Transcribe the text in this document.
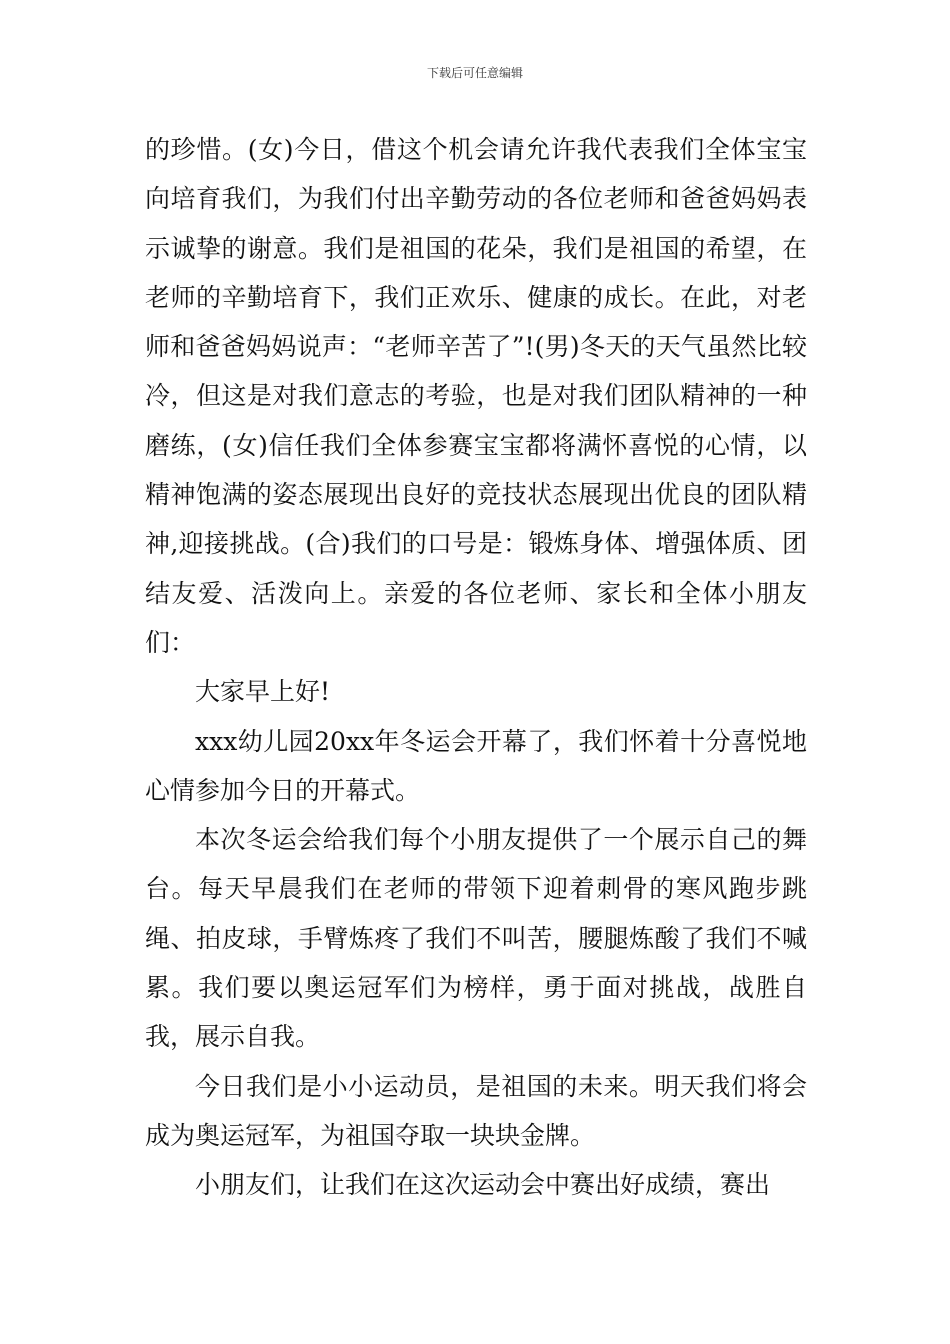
下载后可任意编辑

的珍惜。(女)今日，借这个机会请允许我代表我们全体宝宝向培育我们，为我们付出辛勤劳动的各位老师和爸爸妈妈表示诚挚的谢意。我们是祖国的花朵，我们是祖国的希望，在老师的辛勤培育下，我们正欢乐、健康的成长。在此，对老师和爸爸妈妈说声：“老师辛苦了”!(男)冬天的天气虽然比较冷，但这是对我们意志的考验，也是对我们团队精神的一种磨练，(女)信任我们全体参赛宝宝都将满怀喜悦的心情，以精神饱满的姿态展现出良好的竞技状态展现出优良的团队精神,迎接挑战。(合)我们的口号是：锻炼身体、增强体质、团结友爱、活泼向上。亲爱的各位老师、家长和全体小朋友们：

大家早上好!

xxx幼儿园20xx年冬运会开幕了，我们怀着十分喜悦地心情参加今日的开幕式。

本次冬运会给我们每个小朋友提供了一个展示自己的舞台。每天早晨我们在老师的带领下迎着刺骨的寒风跑步跳绳、拍皮球，手臂炼疼了我们不叫苦，腰腿炼酸了我们不喊累。我们要以奥运冠军们为榜样，勇于面对挑战，战胜自我，展示自我。

今日我们是小小运动员，是祖国的未来。明天我们将会成为奥运冠军，为祖国夺取一块块金牌。

小朋友们，让我们在这次运动会中赛出好成绩，赛出
